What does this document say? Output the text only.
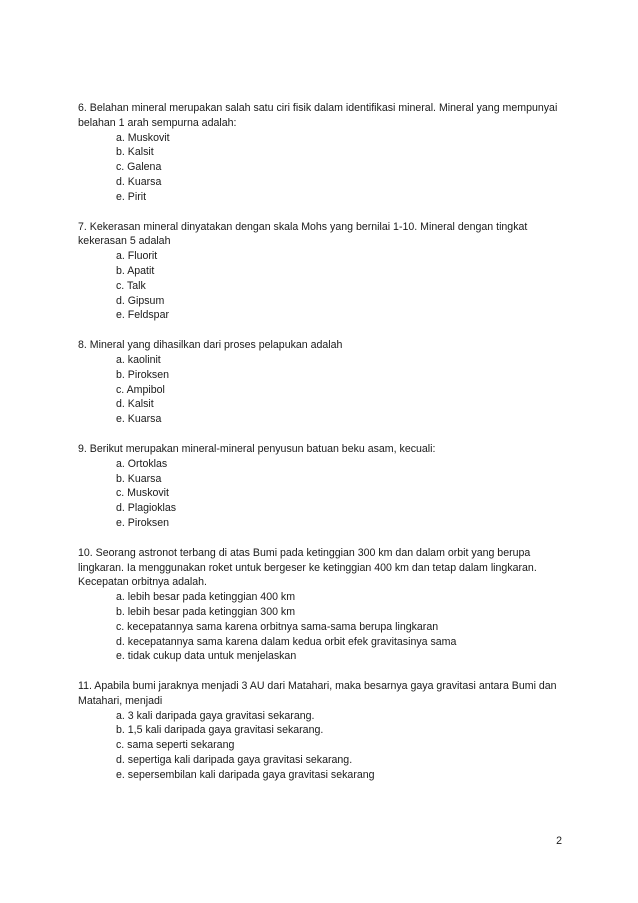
6. Belahan mineral merupakan salah satu ciri fisik dalam identifikasi mineral. Mineral yang mempunyai belahan 1 arah sempurna adalah:

a. Muskovit
b. Kalsit
c. Galena
d. Kuarsa
e. Pirit

7. Kekerasan mineral dinyatakan dengan skala Mohs yang bernilai 1-10. Mineral dengan tingkat kekerasan 5 adalah

a. Fluorit
b. Apatit
c. Talk
d. Gipsum
e. Feldspar

8. Mineral yang dihasilkan dari proses pelapukan adalah

a. kaolinit
b. Piroksen
c. Ampibol
d. Kalsit
e. Kuarsa

9. Berikut merupakan mineral-mineral penyusun batuan beku asam, kecuali:

a. Ortoklas
b. Kuarsa
c. Muskovit
d. Plagioklas
e. Piroksen

10. Seorang astronot terbang di atas Bumi pada ketinggian 300 km dan dalam orbit yang berupa lingkaran. Ia menggunakan roket untuk bergeser ke ketinggian 400 km dan tetap dalam lingkaran. Kecepatan orbitnya adalah.

a. lebih besar pada ketinggian 400 km
b. lebih besar pada ketinggian 300 km
c. kecepatannya sama karena orbitnya sama-sama berupa lingkaran
d. kecepatannya sama karena dalam kedua orbit efek gravitasinya sama
e. tidak cukup data untuk menjelaskan

11. Apabila bumi jaraknya menjadi 3 AU dari Matahari, maka besarnya gaya gravitasi antara Bumi dan Matahari, menjadi

a. 3 kali daripada gaya gravitasi sekarang.
b. 1,5 kali daripada gaya gravitasi sekarang.
c. sama seperti sekarang
d. sepertiga kali daripada gaya gravitasi sekarang.
e. sepersembilan kali daripada gaya gravitasi sekarang
2
